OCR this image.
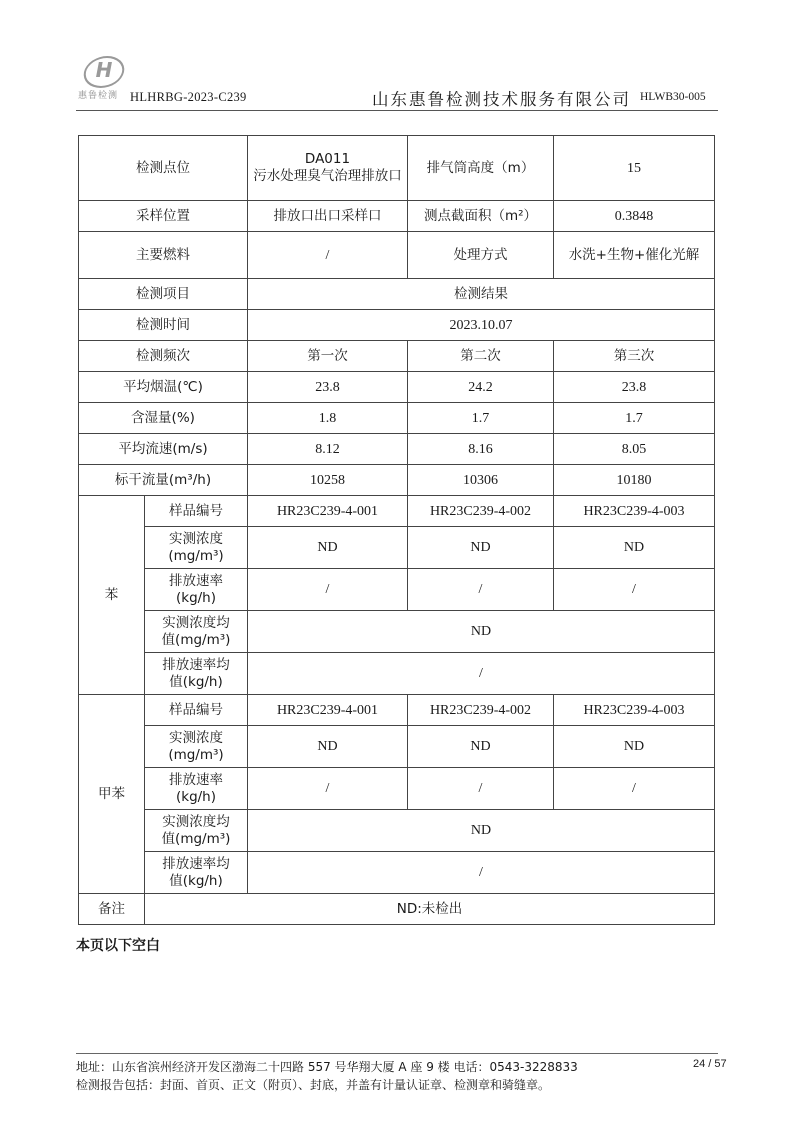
H
惠鲁检测 HLHRBG-2023-C239	山东惠鲁检测技术服务有限公司 HLWB30-005
检测点位		DA011
污水处理臭气治理排放口	排气筒高度（m）	15
采样位置		排放口出口采样口	测点截面积（m²）	0.3848
主要燃料		/	处理方式	水洗+生物+催化光解
检测项目		检测结果		
检测时间		2023.10.07		
检测频次		第一次	第二次	第三次
平均烟温(℃)		23.8	24.2	23.8
含湿量(%)		1.8	1.7	1.7
平均流速(m/s)		8.12	8.16	8.05
标干流量(m³/h)		10258	10306	10180
苯	样品编号	HR23C239-4-001	HR23C239-4-002	HR23C239-4-003
	实测浓度
(mg/m³)	ND	ND	ND
	排放速率
(kg/h)	/	/	/
	实测浓度均
值(mg/m³)	ND		
	排放速率均
值(kg/h)	/		
甲苯	样品编号	HR23C239-4-001	HR23C239-4-002	HR23C239-4-003
	实测浓度
(mg/m³)	ND	ND	ND
	排放速率
(kg/h)	/	/	/
	实测浓度均
值(mg/m³)	ND		
	排放速率均
值(kg/h)	/		
备注	ND:未检出			
本页以下空白
地址：山东省滨州经济开发区渤海二十四路 557 号华翔大厦 A 座 9 楼 电话：0543-3228833
检测报告包括：封面、首页、正文（附页）、封底，并盖有计量认证章、检测章和骑缝章。
24 / 57
